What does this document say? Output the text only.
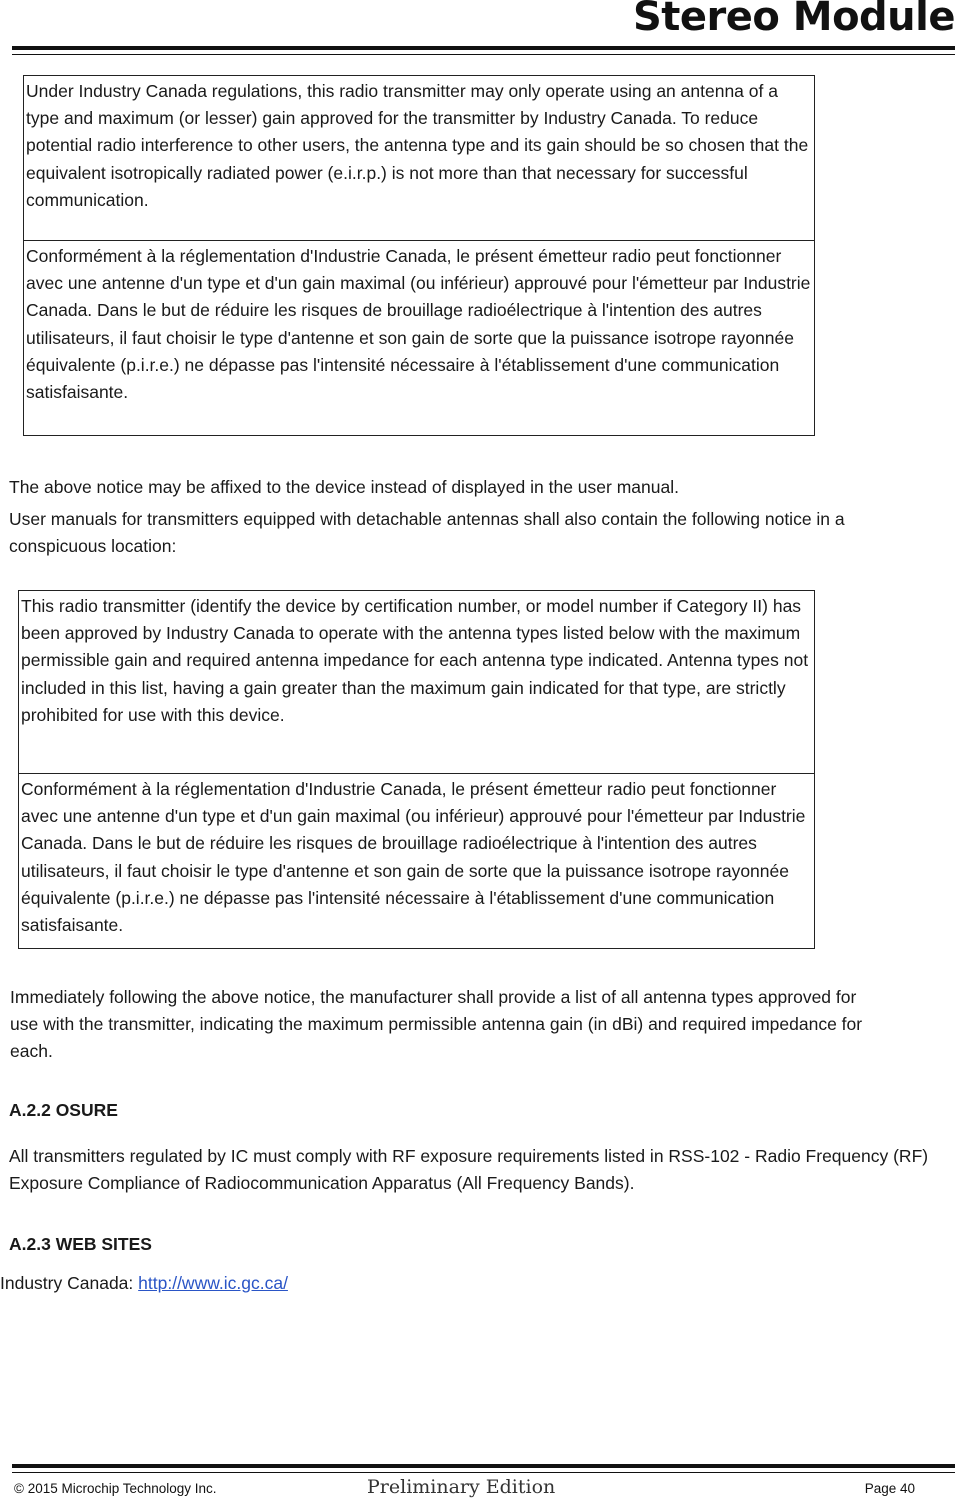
Stereo Module
Under Industry Canada regulations, this radio transmitter may only operate using an antenna of a type and maximum (or lesser) gain approved for the transmitter by Industry Canada. To reduce potential radio interference to other users, the antenna type and its gain should be so chosen that the equivalent isotropically radiated power (e.i.r.p.) is not more than that necessary for successful communication.
Conformément à la réglementation d'Industrie Canada, le présent émetteur radio peut fonctionner avec une antenne d'un type et d'un gain maximal (ou inférieur) approuvé pour l'émetteur par Industrie Canada. Dans le but de réduire les risques de brouillage radioélectrique à l'intention des autres utilisateurs, il faut choisir le type d'antenne et son gain de sorte que la puissance isotrope rayonnée équivalente (p.i.r.e.) ne dépasse pas l'intensité nécessaire à l'établissement d'une communication satisfaisante.
The above notice may be affixed to the device instead of displayed in the user manual.
User manuals for transmitters equipped with detachable antennas shall also contain the following notice in a conspicuous location:
This radio transmitter (identify the device by certification number, or model number if Category II) has been approved by Industry Canada to operate with the antenna types listed below with the maximum permissible gain and required antenna impedance for each antenna type indicated. Antenna types not included in this list, having a gain greater than the maximum gain indicated for that type, are strictly prohibited for use with this device.
Conformément à la réglementation d'Industrie Canada, le présent émetteur radio peut fonctionner avec une antenne d'un type et d'un gain maximal (ou inférieur) approuvé pour l'émetteur par Industrie Canada. Dans le but de réduire les risques de brouillage radioélectrique à l'intention des autres utilisateurs, il faut choisir le type d'antenne et son gain de sorte que la puissance isotrope rayonnée équivalente (p.i.r.e.) ne dépasse pas l'intensité nécessaire à l'établissement d'une communication satisfaisante.
Immediately following the above notice, the manufacturer shall provide a list of all antenna types approved for use with the transmitter, indicating the maximum permissible antenna gain (in dBi) and required impedance for each.
A.2.2 OSURE
All transmitters regulated by IC must comply with RF exposure requirements listed in RSS-102 - Radio Frequency (RF) Exposure Compliance of Radiocommunication Apparatus (All Frequency Bands).
A.2.3 WEB SITES
Industry Canada: http://www.ic.gc.ca/
© 2015 Microchip Technology Inc.	Preliminary Edition	Page 40
